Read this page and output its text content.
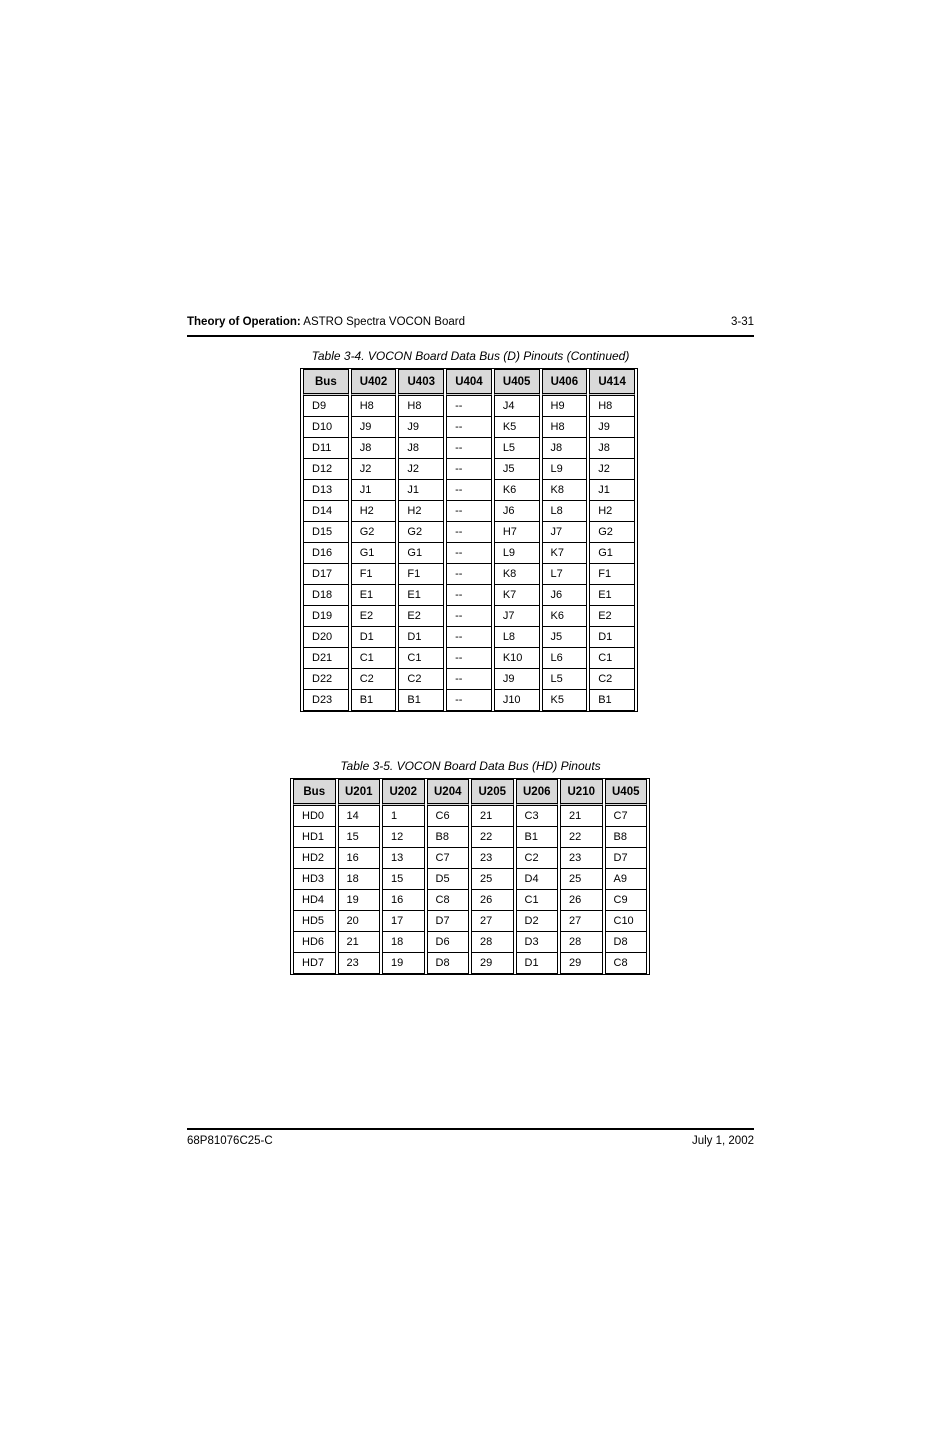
Theory of Operation: ASTRO Spectra VOCON Board	3-31
Table 3-4. VOCON Board Data Bus (D) Pinouts (Continued)
Bus	U402	U403	U404	U405	U406	U414
D9	H8	H8	--	J4	H9	H8
D10	J9	J9	--	K5	H8	J9
D11	J8	J8	--	L5	J8	J8
D12	J2	J2	--	J5	L9	J2
D13	J1	J1	--	K6	K8	J1
D14	H2	H2	--	J6	L8	H2
D15	G2	G2	--	H7	J7	G2
D16	G1	G1	--	L9	K7	G1
D17	F1	F1	--	K8	L7	F1
D18	E1	E1	--	K7	J6	E1
D19	E2	E2	--	J7	K6	E2
D20	D1	D1	--	L8	J5	D1
D21	C1	C1	--	K10	L6	C1
D22	C2	C2	--	J9	L5	C2
D23	B1	B1	--	J10	K5	B1
Table 3-5. VOCON Board Data Bus (HD) Pinouts
Bus	U201	U202	U204	U205	U206	U210	U405
HD0	14	1	C6	21	C3	21	C7
HD1	15	12	B8	22	B1	22	B8
HD2	16	13	C7	23	C2	23	D7
HD3	18	15	D5	25	D4	25	A9
HD4	19	16	C8	26	C1	26	C9
HD5	20	17	D7	27	D2	27	C10
HD6	21	18	D6	28	D3	28	D8
HD7	23	19	D8	29	D1	29	C8
68P81076C25-C	July 1, 2002
